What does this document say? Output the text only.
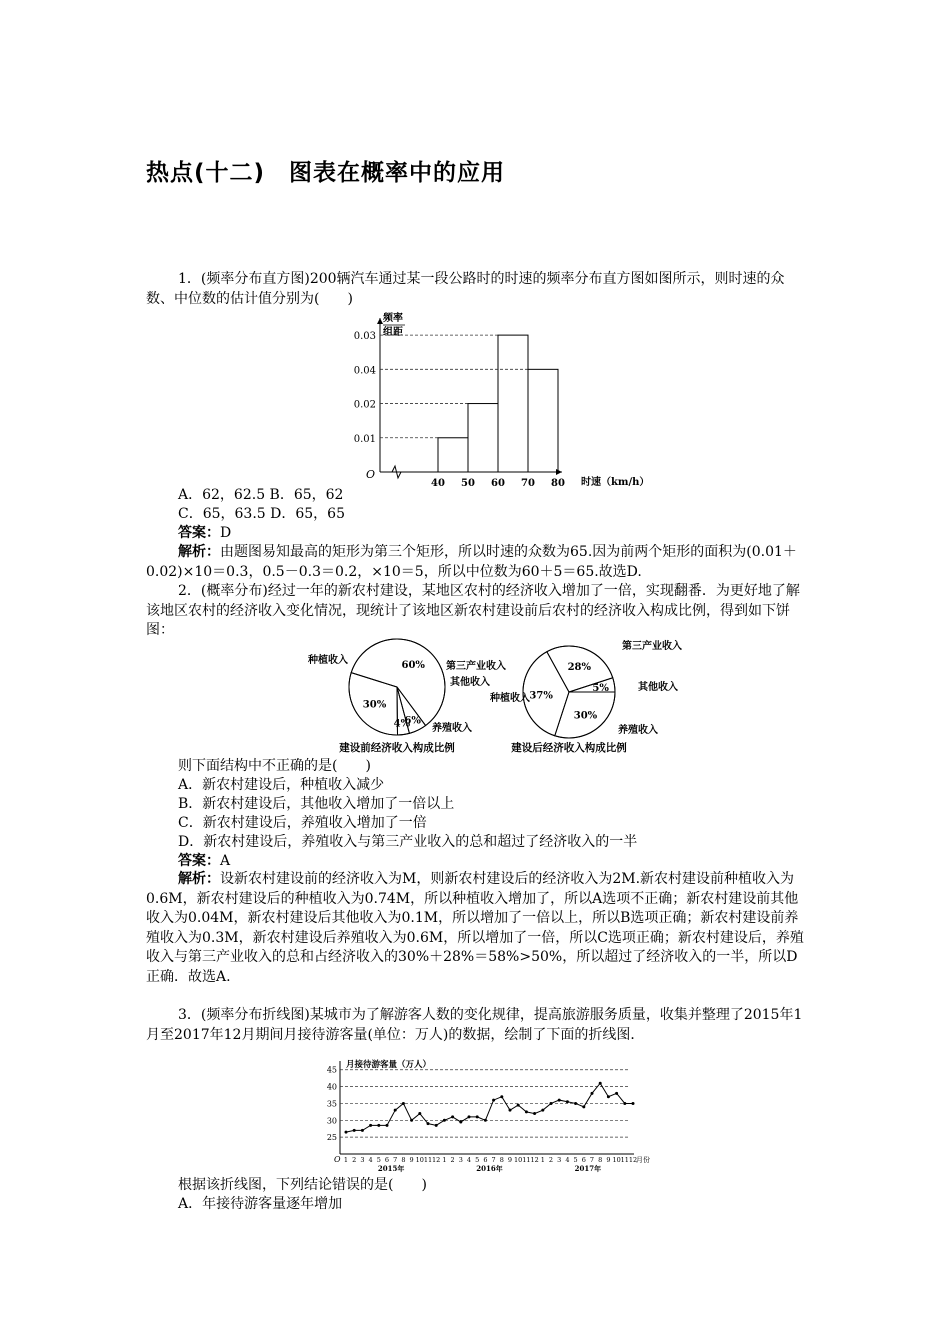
热点(十二)　图表在概率中的应用

1．(频率分布直方图)200辆汽车通过某一段公路时的时速的频率分布直方图如图所示，则时速的众数、中位数的估计值分别为(　　)

O
频率
组距
0.01
0.02
0.03
0.04
40 50 60 70 80 时速（km/h）
A．62，62.5 B．65，62
C．65，63.5 D．65，65
答案：D

解析：由题图易知最高的矩形为第三个矩形，所以时速的众数为65.因为前两个矩形的面积为(0.01＋0.02)×10＝0.3，0.5－0.3＝0.2，×10＝5，所以中位数为60＋5＝65.故选D.

2．(概率分布)经过一年的新农村建设，某地区农村的经济收入增加了一倍，实现翻番．为更好地了解该地区农村的经济收入变化情况，现统计了该地区新农村建设前后农村的经济收入构成比例，得到如下饼图：

60%
种植收入
6%
第三产业收入
4%
其他收入
30%
养殖收入
建设前经济收入构成比例
37%
种植收入
28%
第三产业收入
5%	其他收入
30%
养殖收入
建设后经济收入构成比例
则下面结构中不正确的是(　　)
A．新农村建设后，种植收入减少
B．新农村建设后，其他收入增加了一倍以上
C．新农村建设后，养殖收入增加了一倍
D．新农村建设后，养殖收入与第三产业收入的总和超过了经济收入的一半
答案：A

解析：设新农村建设前的经济收入为M，则新农村建设后的经济收入为2M.新农村建设前种植收入为0.6M，新农村建设后的种植收入为0.74M，所以种植收入增加了，所以A选项不正确；新农村建设前其他收入为0.04M，新农村建设后其他收入为0.1M，所以增加了一倍以上，所以B选项正确；新农村建设前养殖收入为0.3M，新农村建设后养殖收入为0.6M，所以增加了一倍，所以C选项正确；新农村建设后，养殖收入与第三产业收入的总和占经济收入的30%＋28%＝58%>50%，所以超过了经济收入的一半，所以D正确．故选A.

3．(频率分布折线图)某城市为了解游客人数的变化规律，提高旅游服务质量，收集并整理了2015年1月至2017年12月期间月接待游客量(单位：万人)的数据，绘制了下面的折线图．

月接待游客量（万人）
O
25
30
35
40
45
1 2 3 4 5 6 7 8 9 10 11 12
2015年
1 2 3 4 5 6 7 8 9 10 11 12
2016年
1 2 3 4 5 6 7 8 9 10 11 12
2017年
月份
根据该折线图，下列结论错误的是(　　)
A．年接待游客量逐年增加
